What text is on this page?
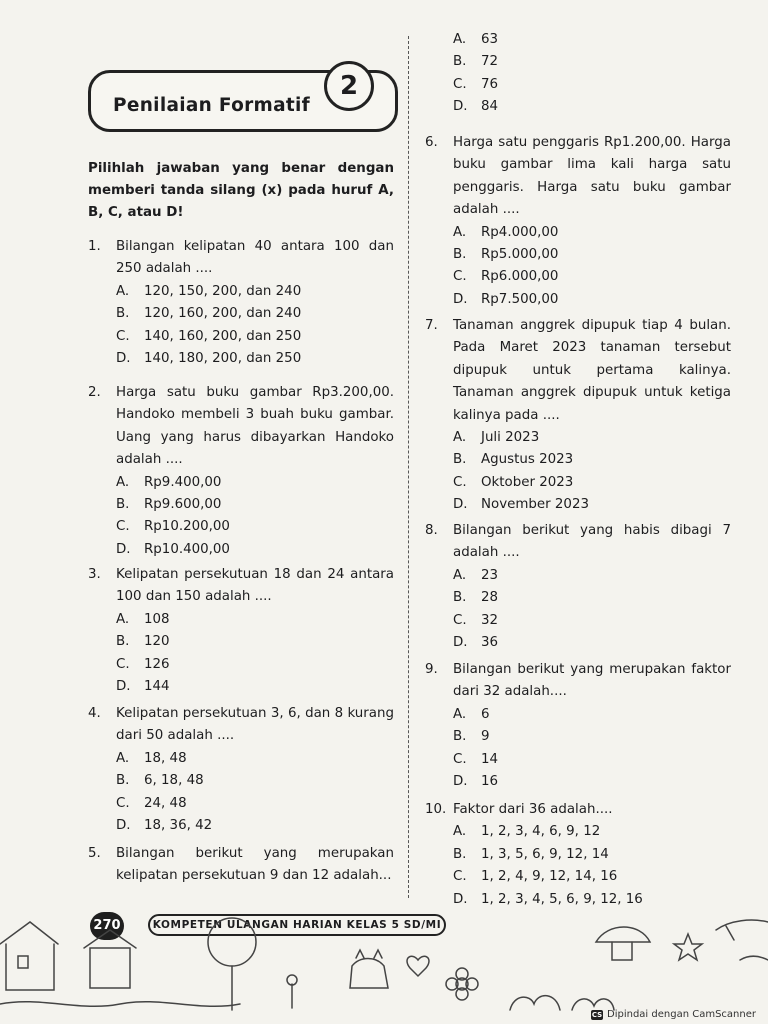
Penilaian Formatif
2
Pilihlah jawaban yang benar dengan memberi tanda silang (x) pada huruf A, B, C, atau D!
1. Bilangan kelipatan 40 antara 100 dan 250 adalah ....
A. 120, 150, 200, dan 240
B. 120, 160, 200, dan 240
C. 140, 160, 200, dan 250
D. 140, 180, 200, dan 250
2. Harga satu buku gambar Rp3.200,00. Handoko membeli 3 buah buku gambar. Uang yang harus dibayarkan Handoko adalah ....
A. Rp9.400,00
B. Rp9.600,00
C. Rp10.200,00
D. Rp10.400,00
3. Kelipatan persekutuan 18 dan 24 antara 100 dan 150 adalah ....
A. 108
B. 120
C. 126
D. 144
4. Kelipatan persekutuan 3, 6, dan 8 kurang dari 50 adalah ....
A. 18, 48
B. 6, 18, 48
C. 24, 48
D. 18, 36, 42
5. Bilangan berikut yang merupakan kelipatan persekutuan 9 dan 12 adalah...
A. 63
B. 72
C. 76
D. 84
6. Harga satu penggaris Rp1.200,00. Harga buku gambar lima kali harga satu penggaris. Harga satu buku gambar adalah ....
A. Rp4.000,00
B. Rp5.000,00
C. Rp6.000,00
D. Rp7.500,00
7. Tanaman anggrek dipupuk tiap 4 bulan. Pada Maret 2023 tanaman tersebut dipupuk untuk pertama kalinya. Tanaman anggrek dipupuk untuk ketiga kalinya pada ....
A. Juli 2023
B. Agustus 2023
C. Oktober 2023
D. November 2023
8. Bilangan berikut yang habis dibagi 7 adalah ....
A. 23
B. 28
C. 32
D. 36
9. Bilangan berikut yang merupakan faktor dari 32 adalah....
A. 6
B. 9
C. 14
D. 16
10. Faktor dari 36 adalah....
A. 1, 2, 3, 4, 6, 9, 12
B. 1, 3, 5, 6, 9, 12, 14
C. 1, 2, 4, 9, 12, 14, 16
D. 1, 2, 3, 4, 5, 6, 9, 12, 16
270	KOMPETEN ULANGAN HARIAN KELAS 5 SD/MI
CS Dipindai dengan CamScanner
